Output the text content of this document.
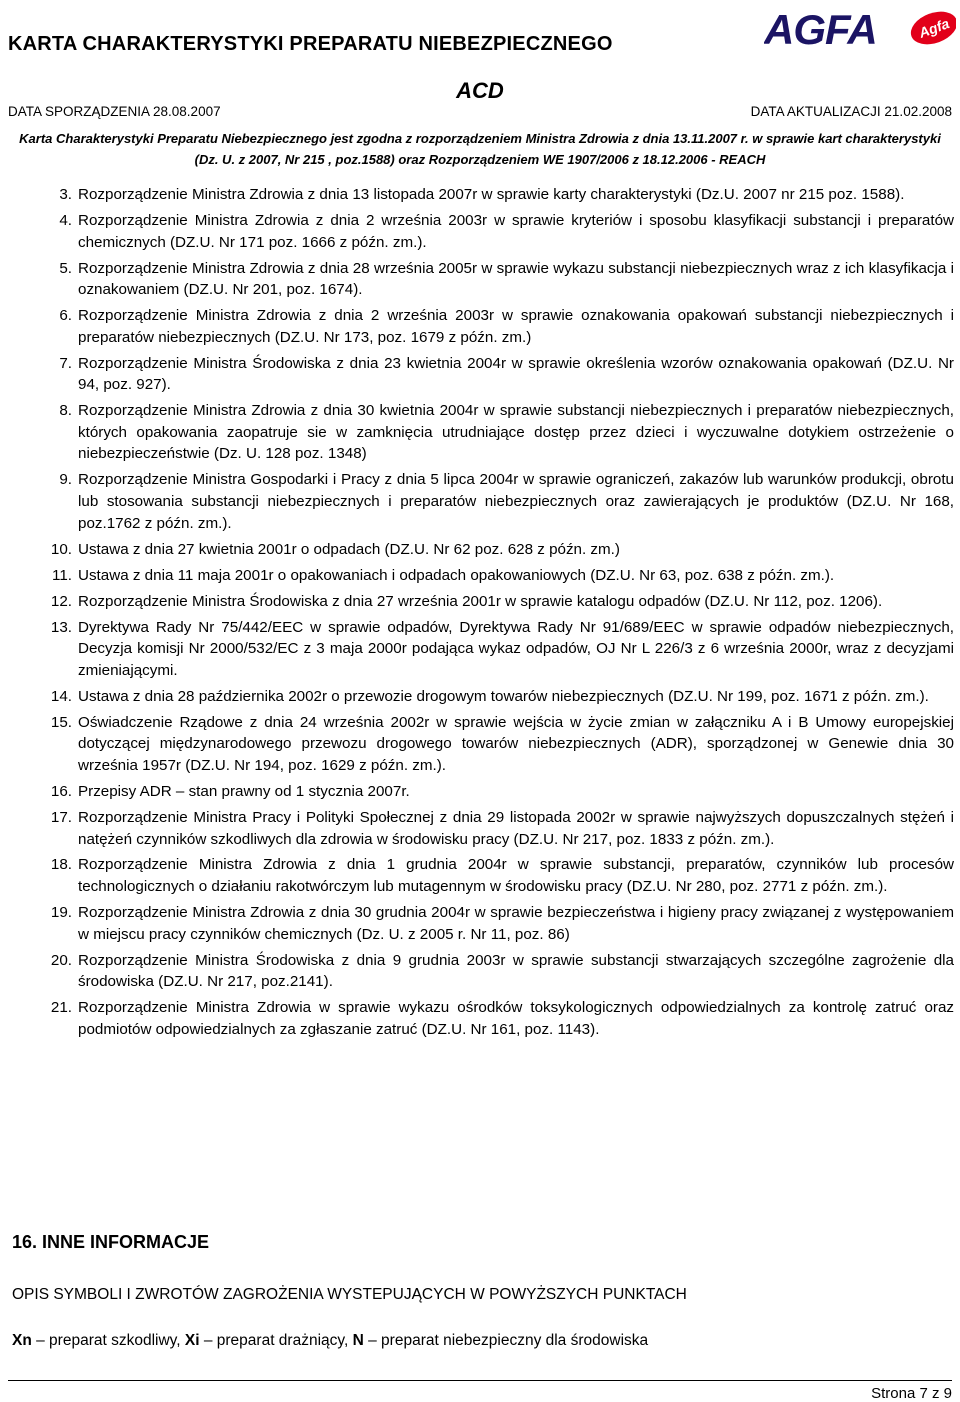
KARTA CHARAKTERYSTYKI PREPARATU NIEBEZPIECZNEGO	AGFA	Agfa
ACD
DATA SPORZĄDZENIA 28.08.2007	DATA AKTUALIZACJI 21.02.2008
Karta Charakterystyki Preparatu Niebezpiecznego jest zgodna z rozporządzeniem Ministra Zdrowia z dnia 13.11.2007 r. w sprawie kart charakterystyki (Dz. U. z 2007, Nr 215 , poz.1588) oraz Rozporządzeniem WE 1907/2006 z 18.12.2006 - REACH
3. Rozporządzenie Ministra Zdrowia z dnia 13 listopada 2007r w sprawie karty charakterystyki (Dz.U. 2007 nr 215 poz. 1588).
4. Rozporządzenie Ministra Zdrowia z dnia 2 września 2003r w sprawie kryteriów i sposobu klasyfikacji substancji i preparatów chemicznych (DZ.U. Nr 171 poz. 1666 z późn. zm.).
5. Rozporządzenie Ministra Zdrowia z dnia 28 września 2005r w sprawie wykazu substancji niebezpiecznych wraz z ich klasyfikacja i oznakowaniem (DZ.U. Nr 201, poz. 1674).
6. Rozporządzenie Ministra Zdrowia z dnia 2 września 2003r w sprawie oznakowania opakowań substancji niebezpiecznych i preparatów niebezpiecznych (DZ.U. Nr 173, poz. 1679 z późn. zm.)
7. Rozporządzenie Ministra Środowiska z dnia 23 kwietnia 2004r w sprawie określenia wzorów oznakowania opakowań (DZ.U. Nr 94, poz. 927).
8. Rozporządzenie Ministra Zdrowia z dnia 30 kwietnia 2004r w sprawie substancji niebezpiecznych i preparatów niebezpiecznych, których opakowania zaopatruje sie w zamknięcia utrudniające dostęp przez dzieci i wyczuwalne dotykiem ostrzeżenie o niebezpieczeństwie (Dz. U. 128 poz. 1348)
9. Rozporządzenie Ministra Gospodarki i Pracy z dnia 5 lipca 2004r w sprawie ograniczeń, zakazów lub warunków produkcji, obrotu lub stosowania substancji niebezpiecznych i preparatów niebezpiecznych oraz zawierających je produktów (DZ.U. Nr 168, poz.1762 z późn. zm.).
10. Ustawa z dnia 27 kwietnia 2001r o odpadach (DZ.U. Nr 62 poz. 628 z późn. zm.)
11. Ustawa z dnia 11 maja 2001r o opakowaniach i odpadach opakowaniowych (DZ.U. Nr 63, poz. 638 z późn. zm.).
12. Rozporządzenie Ministra Środowiska z dnia 27 września 2001r w sprawie katalogu odpadów (DZ.U. Nr 112, poz. 1206).
13. Dyrektywa Rady Nr 75/442/EEC w sprawie odpadów, Dyrektywa Rady Nr 91/689/EEC w sprawie odpadów niebezpiecznych, Decyzja komisji Nr 2000/532/EC z 3 maja 2000r podająca wykaz odpadów, OJ Nr L 226/3 z 6 września 2000r, wraz z decyzjami zmieniającymi.
14. Ustawa z dnia 28 października 2002r o przewozie drogowym towarów niebezpiecznych (DZ.U. Nr 199, poz. 1671 z późn. zm.).
15. Oświadczenie Rządowe z dnia 24 września 2002r w sprawie wejścia w życie zmian w załączniku A i B Umowy europejskiej dotyczącej międzynarodowego przewozu drogowego towarów niebezpiecznych (ADR), sporządzonej w Genewie dnia 30 września 1957r (DZ.U. Nr 194, poz. 1629 z późn. zm.).
16. Przepisy ADR – stan prawny od 1 stycznia 2007r.
17. Rozporządzenie Ministra Pracy i Polityki Społecznej z dnia 29 listopada 2002r w sprawie najwyższych dopuszczalnych stężeń i natężeń czynników szkodliwych dla zdrowia w środowisku pracy (DZ.U. Nr 217, poz. 1833 z późn. zm.).
18. Rozporządzenie Ministra Zdrowia z dnia 1 grudnia 2004r w sprawie substancji, preparatów, czynników lub procesów technologicznych o działaniu rakotwórczym lub mutagennym w środowisku pracy (DZ.U. Nr 280, poz. 2771 z późn. zm.).
19. Rozporządzenie Ministra Zdrowia z dnia 30 grudnia 2004r w sprawie bezpieczeństwa i higieny pracy związanej z występowaniem w miejscu pracy czynników chemicznych (Dz. U. z 2005 r. Nr 11, poz. 86)
20. Rozporządzenie Ministra Środowiska z dnia 9 grudnia 2003r w sprawie substancji stwarzających szczególne zagrożenie dla środowiska (DZ.U. Nr 217, poz.2141).
21. Rozporządzenie Ministra Zdrowia w sprawie wykazu ośrodków toksykologicznych odpowiedzialnych za kontrolę zatruć oraz podmiotów odpowiedzialnych za zgłaszanie zatruć (DZ.U. Nr 161, poz. 1143).
16. INNE INFORMACJE
OPIS SYMBOLI I ZWROTÓW ZAGROŻENIA WYSTEPUJĄCYCH W POWYŻSZYCH PUNKTACH
Xn – preparat szkodliwy, Xi – preparat drażniący, N – preparat niebezpieczny dla środowiska
Strona 7 z 9
